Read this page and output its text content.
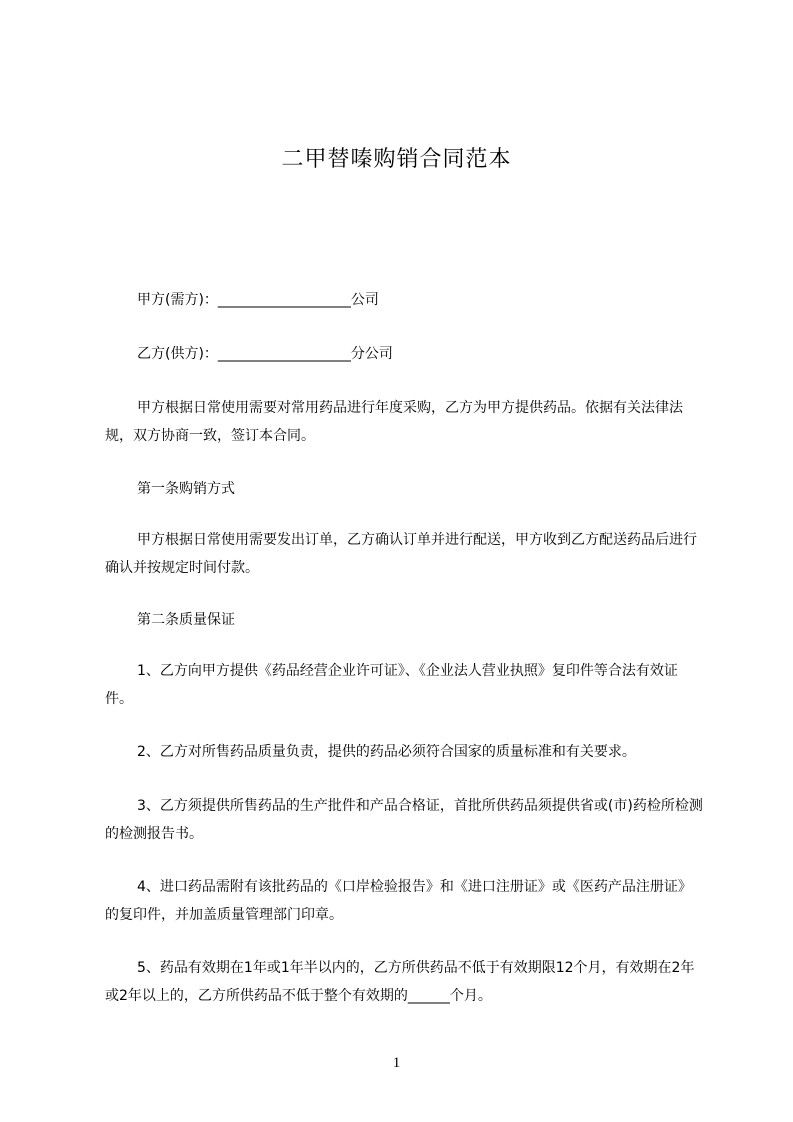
二甲替嗪购销合同范本

甲方(需方)：___________________公司

乙方(供方)：___________________分公司

甲方根据日常使用需要对常用药品进行年度采购，乙方为甲方提供药品。依据有关法律法规，双方协商一致，签订本合同。

第一条购销方式

甲方根据日常使用需要发出订单，乙方确认订单并进行配送，甲方收到乙方配送药品后进行确认并按规定时间付款。

第二条质量保证

1、乙方向甲方提供《药品经营企业许可证》、《企业法人营业执照》复印件等合法有效证件。

2、乙方对所售药品质量负责，提供的药品必须符合国家的质量标准和有关要求。

3、乙方须提供所售药品的生产批件和产品合格证，首批所供药品须提供省或(市)药检所检测的检测报告书。

4、进口药品需附有该批药品的《口岸检验报告》和《进口注册证》或《医药产品注册证》的复印件，并加盖质量管理部门印章。

5、药品有效期在1年或1年半以内的，乙方所供药品不低于有效期限12个月，有效期在2年或2年以上的，乙方所供药品不低于整个有效期的______个月。

1
